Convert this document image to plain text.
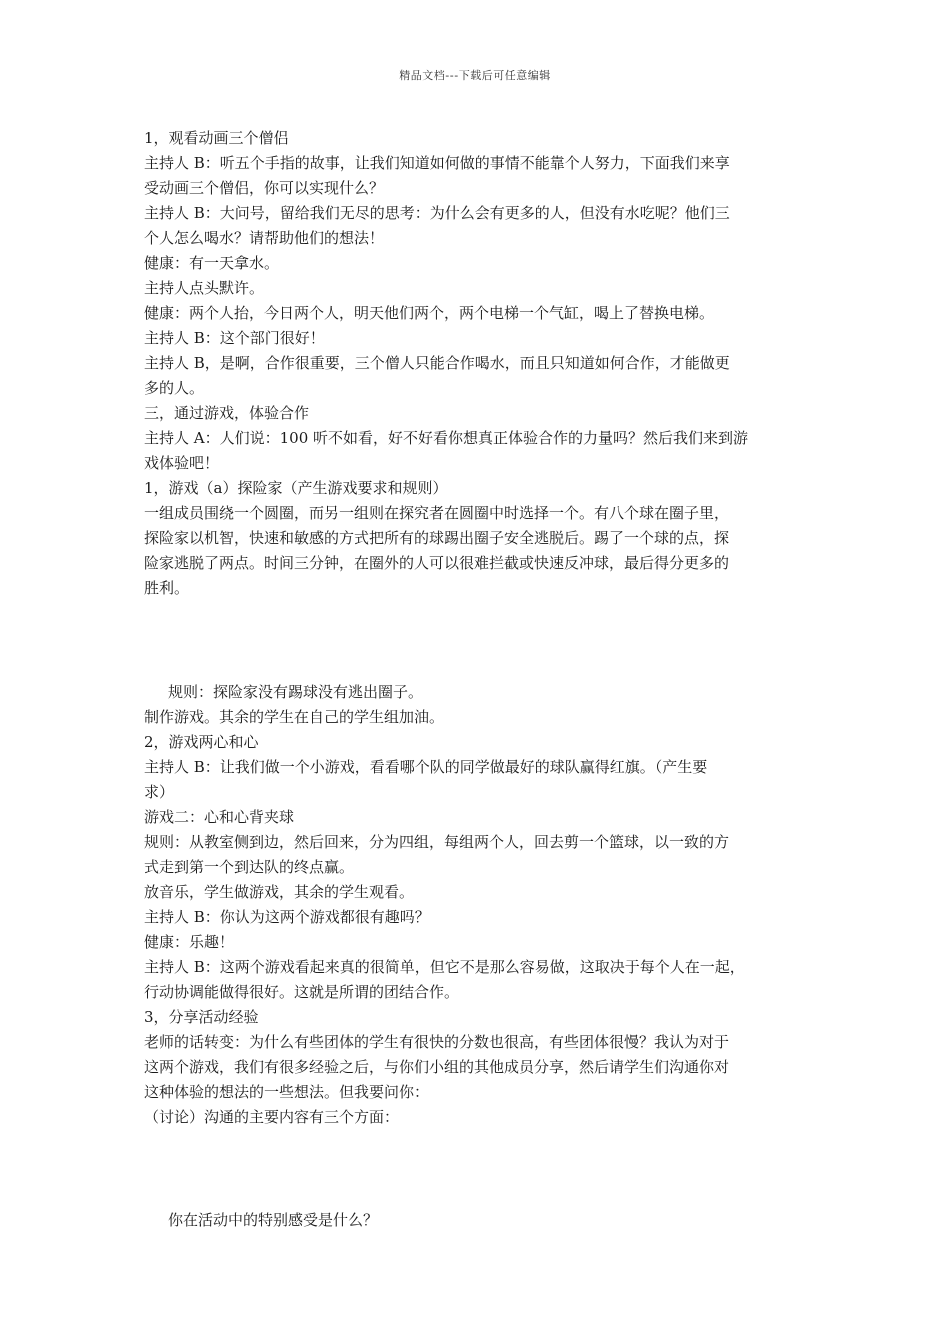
精品文档---下载后可任意编辑
1，观看动画三个僧侣
主持人 B：听五个手指的故事，让我们知道如何做的事情不能靠个人努力，下面我们来享
受动画三个僧侣，你可以实现什么？
主持人 B：大问号，留给我们无尽的思考：为什么会有更多的人，但没有水吃呢？他们三
个人怎么喝水？请帮助他们的想法！
健康：有一天拿水。
主持人点头默许。
健康：两个人抬，今日两个人，明天他们两个，两个电梯一个气缸，喝上了替换电梯。
主持人 B：这个部门很好！
主持人 B，是啊，合作很重要，三个僧人只能合作喝水，而且只知道如何合作，才能做更
多的人。
三，通过游戏，体验合作
主持人 A：人们说：100 听不如看，好不好看你想真正体验合作的力量吗？然后我们来到游
戏体验吧！
1，游戏（a）探险家（产生游戏要求和规则）
一组成员围绕一个圆圈，而另一组则在探究者在圆圈中时选择一个。有八个球在圈子里，
探险家以机智，快速和敏感的方式把所有的球踢出圈子安全逃脱后。踢了一个球的点，探
险家逃脱了两点。时间三分钟，在圈外的人可以很难拦截或快速反冲球，最后得分更多的
胜利。
规则：探险家没有踢球没有逃出圈子。
制作游戏。其余的学生在自己的学生组加油。
2，游戏两心和心
主持人 B：让我们做一个小游戏，看看哪个队的同学做最好的球队赢得红旗。（产生要
求）
游戏二：心和心背夹球
规则：从教室侧到边，然后回来，分为四组，每组两个人，回去剪一个篮球，以一致的方
式走到第一个到达队的终点赢。
放音乐，学生做游戏，其余的学生观看。
主持人 B：你认为这两个游戏都很有趣吗？
健康：乐趣！
主持人 B：这两个游戏看起来真的很简单，但它不是那么容易做，这取决于每个人在一起，
行动协调能做得很好。这就是所谓的团结合作。
3，分享活动经验
老师的话转变：为什么有些团体的学生有很快的分数也很高，有些团体很慢？我认为对于
这两个游戏，我们有很多经验之后，与你们小组的其他成员分享，然后请学生们沟通你对
这种体验的想法的一些想法。但我要问你：
（讨论）沟通的主要内容有三个方面：
你在活动中的特别感受是什么？
